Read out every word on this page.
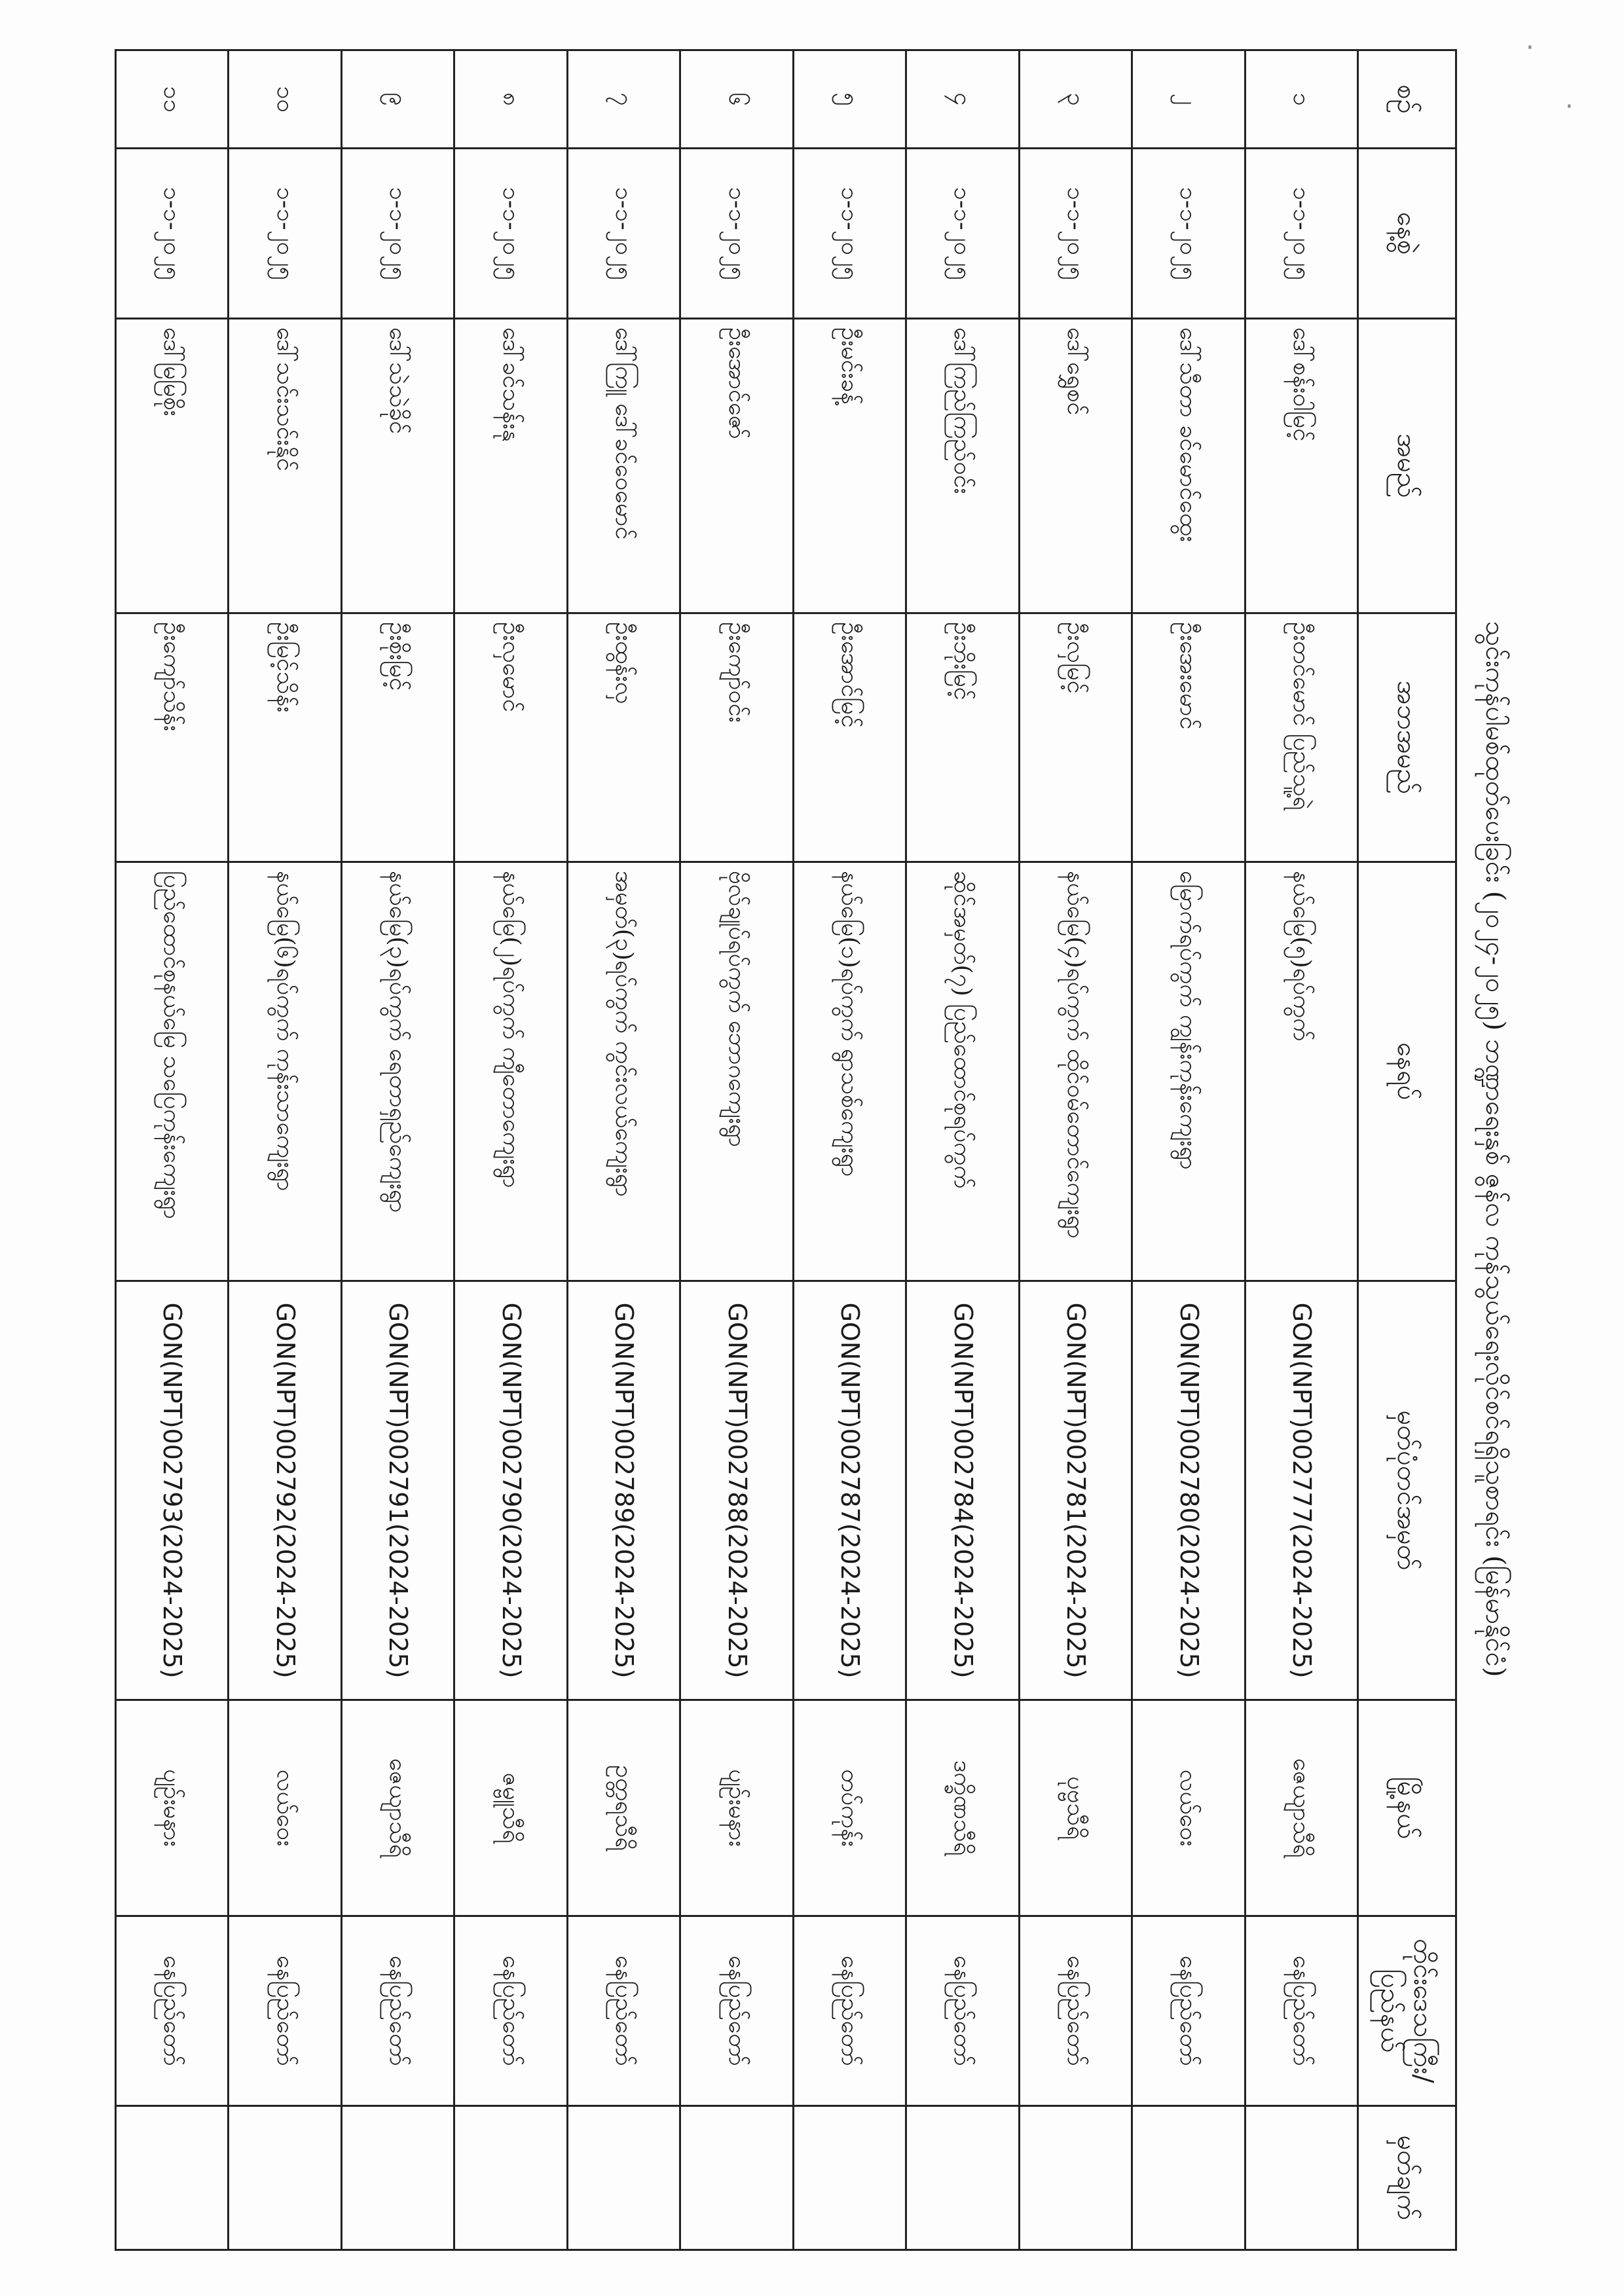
·
·
သွင်းကုန်ပါမစ်ထုတ်ပေးခြင်း (၂၀၂၄-၂၀၂၅) ဘဏ္ဍာရေးနှစ် ဇွန်လ ကုန်သွယ်ရေးလိုင်စင်ရရှိသူစာရင်း (မြန်မာနိုင်ငံ)
စဉ်	နေ့စွဲ	အမည်	အဘအမည်	နေရပ်	မှတ်ပုံတင်အမှတ်	မြို့နယ်	တိုင်းဒေသကြီး/ ပြည်နယ်	မှတ်ချက်
၁	၁-၁-၂၀၂၅	ဒေါ်စန်းဝါမြင့်	ဦးတင်မောင် ပြည်သူ့ရဲ	နယ်မြေ(၅)ရပ်ကွက်	GON(NPT)002777(2024-2025)	ဇေယျာသီရိ	နေပြည်တော်	
၂	၁-၁-၂၀၂၅	ဒေါ်သီတာ ခင်မောင်ထွေး	ဦးအေးမောင်	မြောက်ရပ်ကွက် ကျွန်းကုန်းကျေးရွာ	GON(NPT)002780(2024-2025)	လယ်ဝေး	နေပြည်တော်	
၃	၁-၁-၂၀၂၅	ဒေါ်ရွှေစင်	ဦးလှမြင့်	နယ်မြေ(၄)ရပ်ကွက် ထိုင်ဝမ်တောင်ကျေးရွာ	GON(NPT)002781(2024-2025)	ပုဗ္ဗသီရိ	နေပြည်တော်	
၄	၁-၁-၂၀၂၅	ဒေါ်ကြည်ကြည်ဝင်း	ဦးဘိုးမြင့်	ဆိုင်အမှတ်(၇) ပြည်ထောင်စုရပ်ကွက်	GON(NPT)002784(2024-2025)	ဒက္ခိဏသီရိ	နေပြည်တော်	
၅	၁-၁-၂၀၂၅	ဦးမင်းခန့်	ဦးအောင်မြင့်	နယ်မြေ(၁)ရပ်ကွက် ရွာသစ်ကျေးရွာ	GON(NPT)002787(2024-2025)	တပ်ကုန်း	နေပြည်တော်	
၆	၁-၁-၂၀၂၅	ဦးအောင်ဇော်	ဦးကျော်ဝင်း	ဗိုလ်ချုပ်ရပ်ကွက် ဘောဂကျေးရွာ	GON(NPT)002788(2024-2025)	ပျဉ်းမနား	နေပြည်တော်	
၇	၁-၁-၂၀၂၅	ဒေါ်ကြူ ဒေါ်ခင်ဝေမောင်	ဦးထွန်းလှ	အမှတ်(၃)ရပ်ကွက် ကွင်းလယ်ကျေးရွာ	GON(NPT)002789(2024-2025)	ဥတ္တရသီရိ	နေပြည်တော်	
၈	၁-၁-၂၀၂၅	ဒေါ်ခင်သန်းနု	ဦးလှမောင်	နယ်မြေ(၂)ရပ်ကွက် ကျီတောကျေးရွာ	GON(NPT)002790(2024-2025)	ဇမ္ဗူသီရိ	နေပြည်တော်	
၉	၁-၁-၂၀၂၅	ဒေါ်သဲသဲခိုင်	ဦးစိုးမြင့်	နယ်မြေ(၃)ရပ်ကွက် ရေတာရှည်ကျေးရွာ	GON(NPT)002791(2024-2025)	ဇေယျာသီရိ	နေပြည်တော်	
၁၀	၁-၁-၂၀၂၅	ဒေါ်သင်းသင်းနိုင်	ဦးမြင့်သိန်း	နယ်မြေ(၆)ရပ်ကွက် ကုန်းသာကျေးရွာ	GON(NPT)002792(2024-2025)	လယ်ဝေး	နေပြည်တော်	
၁၁	၁-၁-၂၀၂၅	ဒေါ်မြမြစိုး	ဦးကျော်သိန်း	ပြည်ထောင်စုနယ်မြေ သပြေကုန်းကျေးရွာ	GON(NPT)002793(2024-2025)	ပျဉ်းမနား	နေပြည်တော်	
